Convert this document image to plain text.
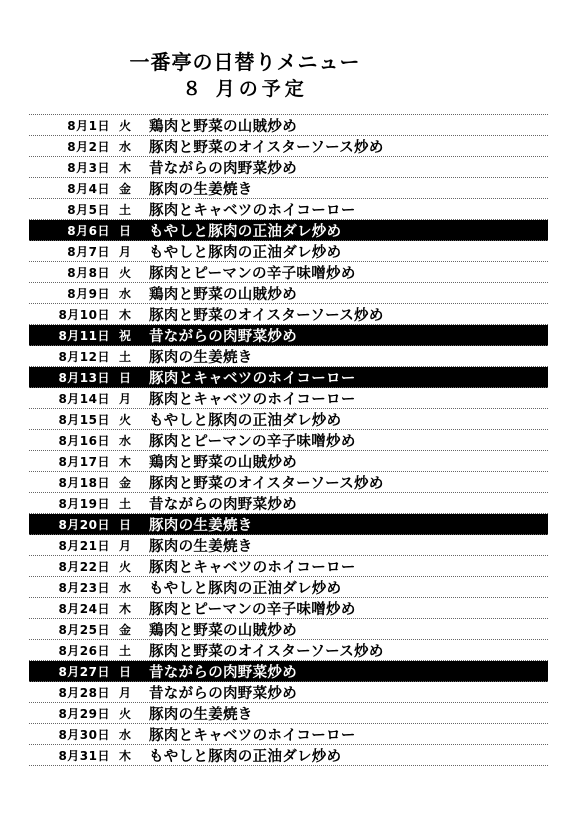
一番亭の日替りメニュー
８ 月の予定
8月1日 火	鶏肉と野菜の山賊炒め
8月2日 水	豚肉と野菜のオイスターソース炒め
8月3日 木	昔ながらの肉野菜炒め
8月4日 金	豚肉の生姜焼き
8月5日 土	豚肉とキャベツのホイコーロー
8月6日 日	もやしと豚肉の正油ダレ炒め
8月7日 月	もやしと豚肉の正油ダレ炒め
8月8日 火	豚肉とピーマンの辛子味噌炒め
8月9日 水	鶏肉と野菜の山賊炒め
8月10日 木	豚肉と野菜のオイスターソース炒め
8月11日 祝	昔ながらの肉野菜炒め
8月12日 土	豚肉の生姜焼き
8月13日 日	豚肉とキャベツのホイコーロー
8月14日 月	豚肉とキャベツのホイコーロー
8月15日 火	もやしと豚肉の正油ダレ炒め
8月16日 水	豚肉とピーマンの辛子味噌炒め
8月17日 木	鶏肉と野菜の山賊炒め
8月18日 金	豚肉と野菜のオイスターソース炒め
8月19日 土	昔ながらの肉野菜炒め
8月20日 日	豚肉の生姜焼き
8月21日 月	豚肉の生姜焼き
8月22日 火	豚肉とキャベツのホイコーロー
8月23日 水	もやしと豚肉の正油ダレ炒め
8月24日 木	豚肉とピーマンの辛子味噌炒め
8月25日 金	鶏肉と野菜の山賊炒め
8月26日 土	豚肉と野菜のオイスターソース炒め
8月27日 日	昔ながらの肉野菜炒め
8月28日 月	昔ながらの肉野菜炒め
8月29日 火	豚肉の生姜焼き
8月30日 水	豚肉とキャベツのホイコーロー
8月31日 木	もやしと豚肉の正油ダレ炒め
